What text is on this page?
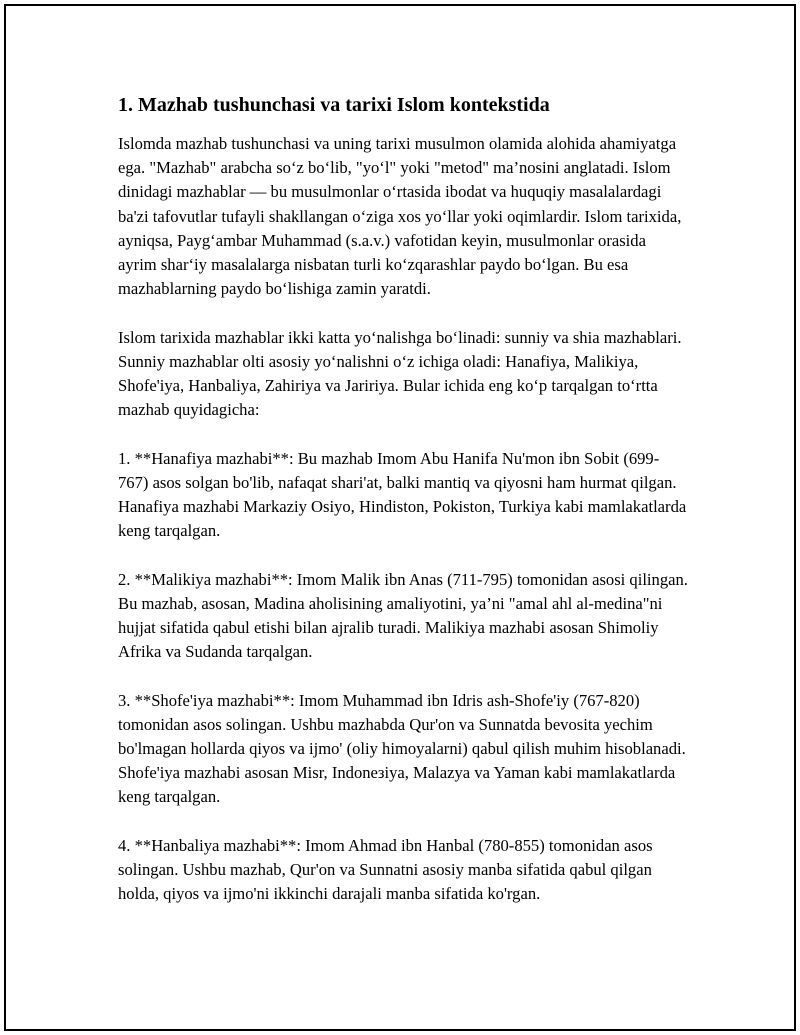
1. Mazhab tushunchasi va tarixi Islom kontekstida

Islomda mazhab tushunchasi va uning tarixi musulmon olamida alohida ahamiyatga ega. "Mazhab" arabcha so‘z bo‘lib, "yo‘l" yoki "metod" ma’nosini anglatadi. Islom dinidagi mazhablar — bu musulmonlar o‘rtasida ibodat va huquqiy masalalardagi ba'zi tafovutlar tufayli shakllangan o‘ziga xos yo‘llar yoki oqimlardir. Islom tarixida, ayniqsa, Payg‘ambar Muhammad (s.a.v.) vafotidan keyin, musulmonlar orasida ayrim shar‘iy masalalarga nisbatan turli ko‘zqarashlar paydo bo‘lgan. Bu esa mazhablarning paydo bo‘lishiga zamin yaratdi.

Islom tarixida mazhablar ikki katta yo‘nalishga bo‘linadi: sunniy va shia mazhablari. Sunniy mazhablar olti asosiy yo‘nalishni o‘z ichiga oladi: Hanafiya, Malikiya, Shofe'iya, Hanbaliya, Zahiriya va Jaririya. Bular ichida eng ko‘p tarqalgan to‘rtta mazhab quyidagicha:

1. **Hanafiya mazhabi**: Bu mazhab Imom Abu Hanifa Nu'mon ibn Sobit (699-767) asos solgan bo'lib, nafaqat shari'at, balki mantiq va qiyosni ham hurmat qilgan. Hanafiya mazhabi Markaziy Osiyo, Hindiston, Pokiston, Turkiya kabi mamlakatlarda keng tarqalgan.

2. **Malikiya mazhabi**: Imom Malik ibn Anas (711-795) tomonidan asosi qilingan. Bu mazhab, asosan, Madina aholisining amaliyotini, ya’ni "amal ahl al-medina"ni hujjat sifatida qabul etishi bilan ajralib turadi. Malikiya mazhabi asosan Shimoliy Afrika va Sudanda tarqalgan.

3. **Shofe'iya mazhabi**: Imom Muhammad ibn Idris ash-Shofe'iy (767-820) tomonidan asos solingan. Ushbu mazhabda Qur'on va Sunnatda bevosita yechim bo'lmagan hollarda qiyos va ijmo' (oliy himoyalarni) qabul qilish muhim hisoblanadi. Shofe'iya mazhabi asosan Misr, Indoneзiya, Malazya va Yaman kabi mamlakatlarda keng tarqalgan.

4. **Hanbaliya mazhabi**: Imom Ahmad ibn Hanbal (780-855) tomonidan asos solingan. Ushbu mazhab, Qur'on va Sunnatni asosiy manba sifatida qabul qilgan holda, qiyos va ijmo'ni ikkinchi darajali manba sifatida ko'rgan.
